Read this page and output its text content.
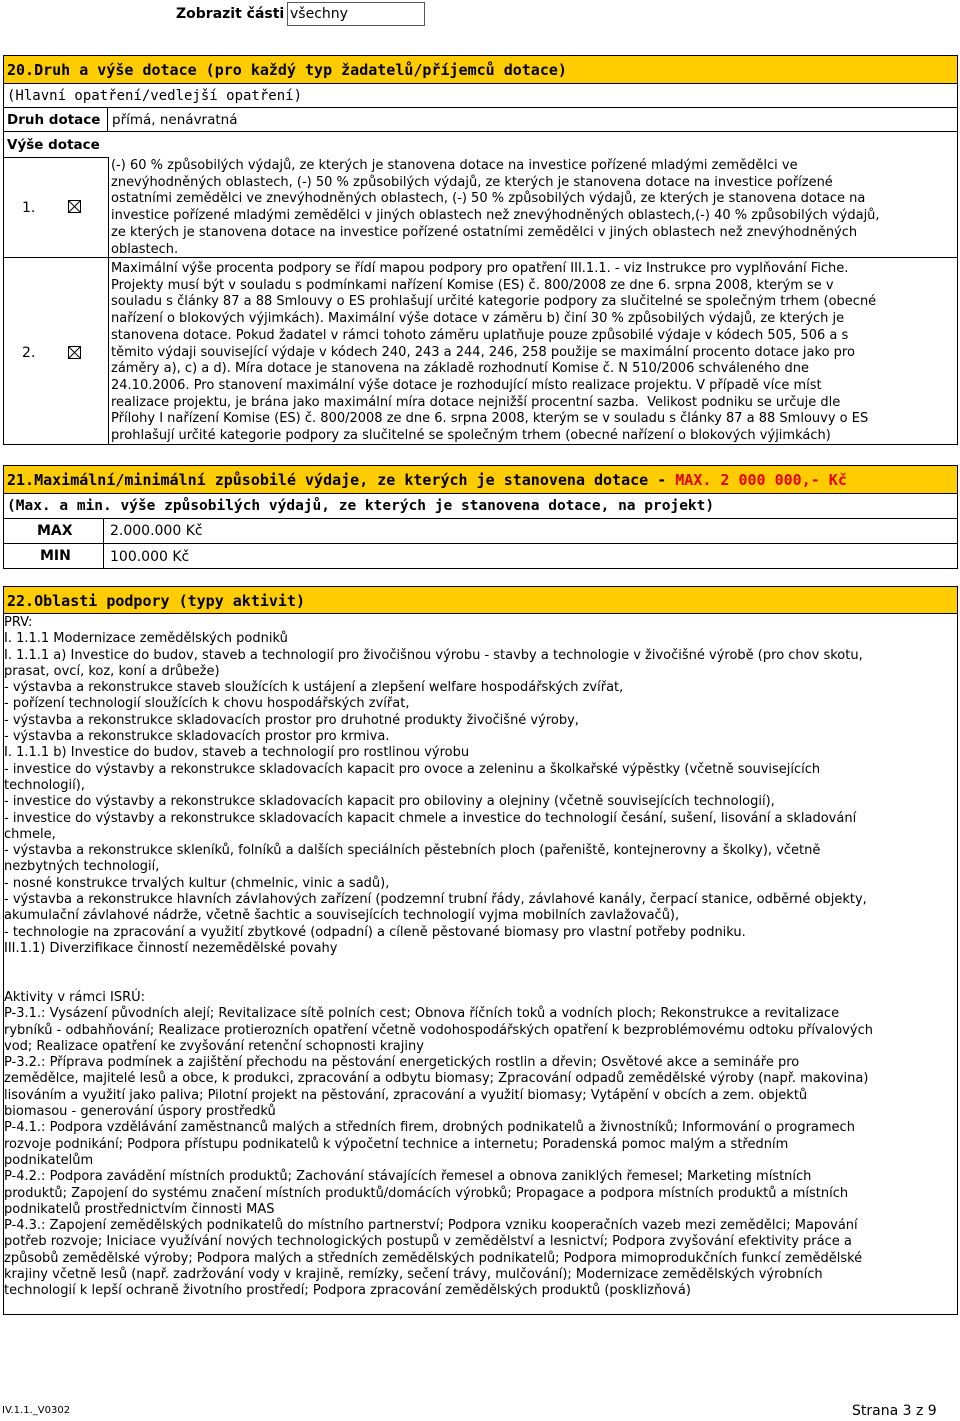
Zobrazit části všechny
20.Druh a výše dotace (pro každý typ žadatelů/příjemců dotace)
(Hlavní opatření/vedlejší opatření)
Druh dotace přímá, nenávratná
Výše dotace
1.
(-) 60 % způsobilých výdajů, ze kterých je stanovena dotace na investice pořízené mladými zemědělci ve
znevýhodněných oblastech, (-) 50 % způsobilých výdajů, ze kterých je stanovena dotace na investice pořízené
ostatními zemědělci ve znevýhodněných oblastech, (-) 50 % způsobilých výdajů, ze kterých je stanovena dotace na
investice pořízené mladými zemědělci v jiných oblastech než znevýhodněných oblastech,(-) 40 % způsobilých výdajů,
ze kterých je stanovena dotace na investice pořízené ostatními zemědělci v jiných oblastech než znevýhodněných
oblastech.
2.
Maximální výše procenta podpory se řídí mapou podpory pro opatření III.1.1. - viz Instrukce pro vyplňování Fiche.
Projekty musí být v souladu s podmínkami nařízení Komise (ES) č. 800/2008 ze dne 6. srpna 2008, kterým se v
souladu s články 87 a 88 Smlouvy o ES prohlašují určité kategorie podpory za slučitelné se společným trhem (obecné
nařízení o blokových výjimkách). Maximální výše dotace v záměru b) činí 30 % způsobilých výdajů, ze kterých je
stanovena dotace. Pokud žadatel v rámci tohoto záměru uplatňuje pouze způsobilé výdaje v kódech 505, 506 a s
těmito výdaji související výdaje v kódech 240, 243 a 244, 246, 258 použije se maximální procento dotace jako pro
záměry a), c) a d). Míra dotace je stanovena na základě rozhodnutí Komise č. N 510/2006 schváleného dne
24.10.2006. Pro stanovení maximální výše dotace je rozhodující místo realizace projektu. V případě více míst
realizace projektu, je brána jako maximální míra dotace nejnižší procentní sazba.  Velikost podniku se určuje dle
Přílohy I nařízení Komise (ES) č. 800/2008 ze dne 6. srpna 2008, kterým se v souladu s články 87 a 88 Smlouvy o ES
prohlašují určité kategorie podpory za slučitelné se společným trhem (obecné nařízení o blokových výjimkách)
21.Maximální/minimální způsobilé výdaje, ze kterých je stanovena dotace - MAX. 2 000 000,- Kč
(Max. a min. výše způsobilých výdajů, ze kterých je stanovena dotace, na projekt)
MAX	2.000.000 Kč
MIN	100.000 Kč
22.Oblasti podpory (typy aktivit)
PRV:
I. 1.1.1 Modernizace zemědělských podniků
I. 1.1.1 a) Investice do budov, staveb a technologií pro živočišnou výrobu - stavby a technologie v živočišné výrobě (pro chov skotu,
prasat, ovcí, koz, koní a drůbeže)
- výstavba a rekonstrukce staveb sloužících k ustájení a zlepšení welfare hospodářských zvířat,
- pořízení technologií sloužících k chovu hospodářských zvířat,
- výstavba a rekonstrukce skladovacích prostor pro druhotné produkty živočišné výroby,
- výstavba a rekonstrukce skladovacích prostor pro krmiva.
I. 1.1.1 b) Investice do budov, staveb a technologií pro rostlinou výrobu
- investice do výstavby a rekonstrukce skladovacích kapacit pro ovoce a zeleninu a školkařské výpěstky (včetně souvisejících
technologií),
- investice do výstavby a rekonstrukce skladovacích kapacit pro obiloviny a olejniny (včetně souvisejících technologií),
- investice do výstavby a rekonstrukce skladovacích kapacit chmele a investice do technologií česání, sušení, lisování a skladování
chmele,
- výstavba a rekonstrukce skleníků, folníků a dalších speciálních pěstebních ploch (pařeniště, kontejnerovny a školky), včetně
nezbytných technologií,
- nosné konstrukce trvalých kultur (chmelnic, vinic a sadů),
- výstavba a rekonstrukce hlavních závlahových zařízení (podzemní trubní řády, závlahové kanály, čerpací stanice, odběrné objekty,
akumulační závlahové nádrže, včetně šachtic a souvisejících technologií vyjma mobilních zavlažovačů),
- technologie na zpracování a využití zbytkové (odpadní) a cíleně pěstované biomasy pro vlastní potřeby podniku.
III.1.1) Diverzifikace činností nezemědělské povahy
Aktivity v rámci ISRÚ:
P-3.1.: Vysázení původních alejí; Revitalizace sítě polních cest; Obnova říčních toků a vodních ploch; Rekonstrukce a revitalizace
rybníků - odbahňování; Realizace protierozních opatření včetně vodohospodářských opatření k bezproblémovému odtoku přívalových
vod; Realizace opatření ke zvyšování retenční schopnosti krajiny
P-3.2.: Příprava podmínek a zajištění přechodu na pěstování energetických rostlin a dřevin; Osvětové akce a semináře pro
zemědělce, majitelé lesů a obce, k produkci, zpracování a odbytu biomasy; Zpracování odpadů zemědělské výroby (např. makovina)
lisováním a využití jako paliva; Pilotní projekt na pěstování, zpracování a využití biomasy; Vytápění v obcích a zem. objektů
biomasou - generování úspory prostředků
P-4.1.: Podpora vzdělávání zaměstnanců malých a středních firem, drobných podnikatelů a živnostníků; Informování o programech
rozvoje podnikání; Podpora přístupu podnikatelů k výpočetní technice a internetu; Poradenská pomoc malým a středním
podnikatelům
P-4.2.: Podpora zavádění místních produktů; Zachování stávajících řemesel a obnova zaniklých řemesel; Marketing místních
produktů; Zapojení do systému značení místních produktů/domácích výrobků; Propagace a podpora místních produktů a místních
podnikatelů prostřednictvím činnosti MAS
P-4.3.: Zapojení zemědělských podnikatelů do místního partnerství; Podpora vzniku kooperačních vazeb mezi zemědělci; Mapování
potřeb rozvoje; Iniciace využívání nových technologických postupů v zemědělství a lesnictví; Podpora zvyšování efektivity práce a
způsobů zemědělské výroby; Podpora malých a středních zemědělských podnikatelů; Podpora mimoprodukčních funkcí zemědělské
krajiny včetně lesů (např. zadržování vody v krajině, remízky, sečení trávy, mulčování); Modernizace zemědělských výrobních
technologií k lepší ochraně životního prostředí; Podpora zpracování zemědělských produktů (posklizňová)
IV.1.1._V0302	Strana 3 z 9
